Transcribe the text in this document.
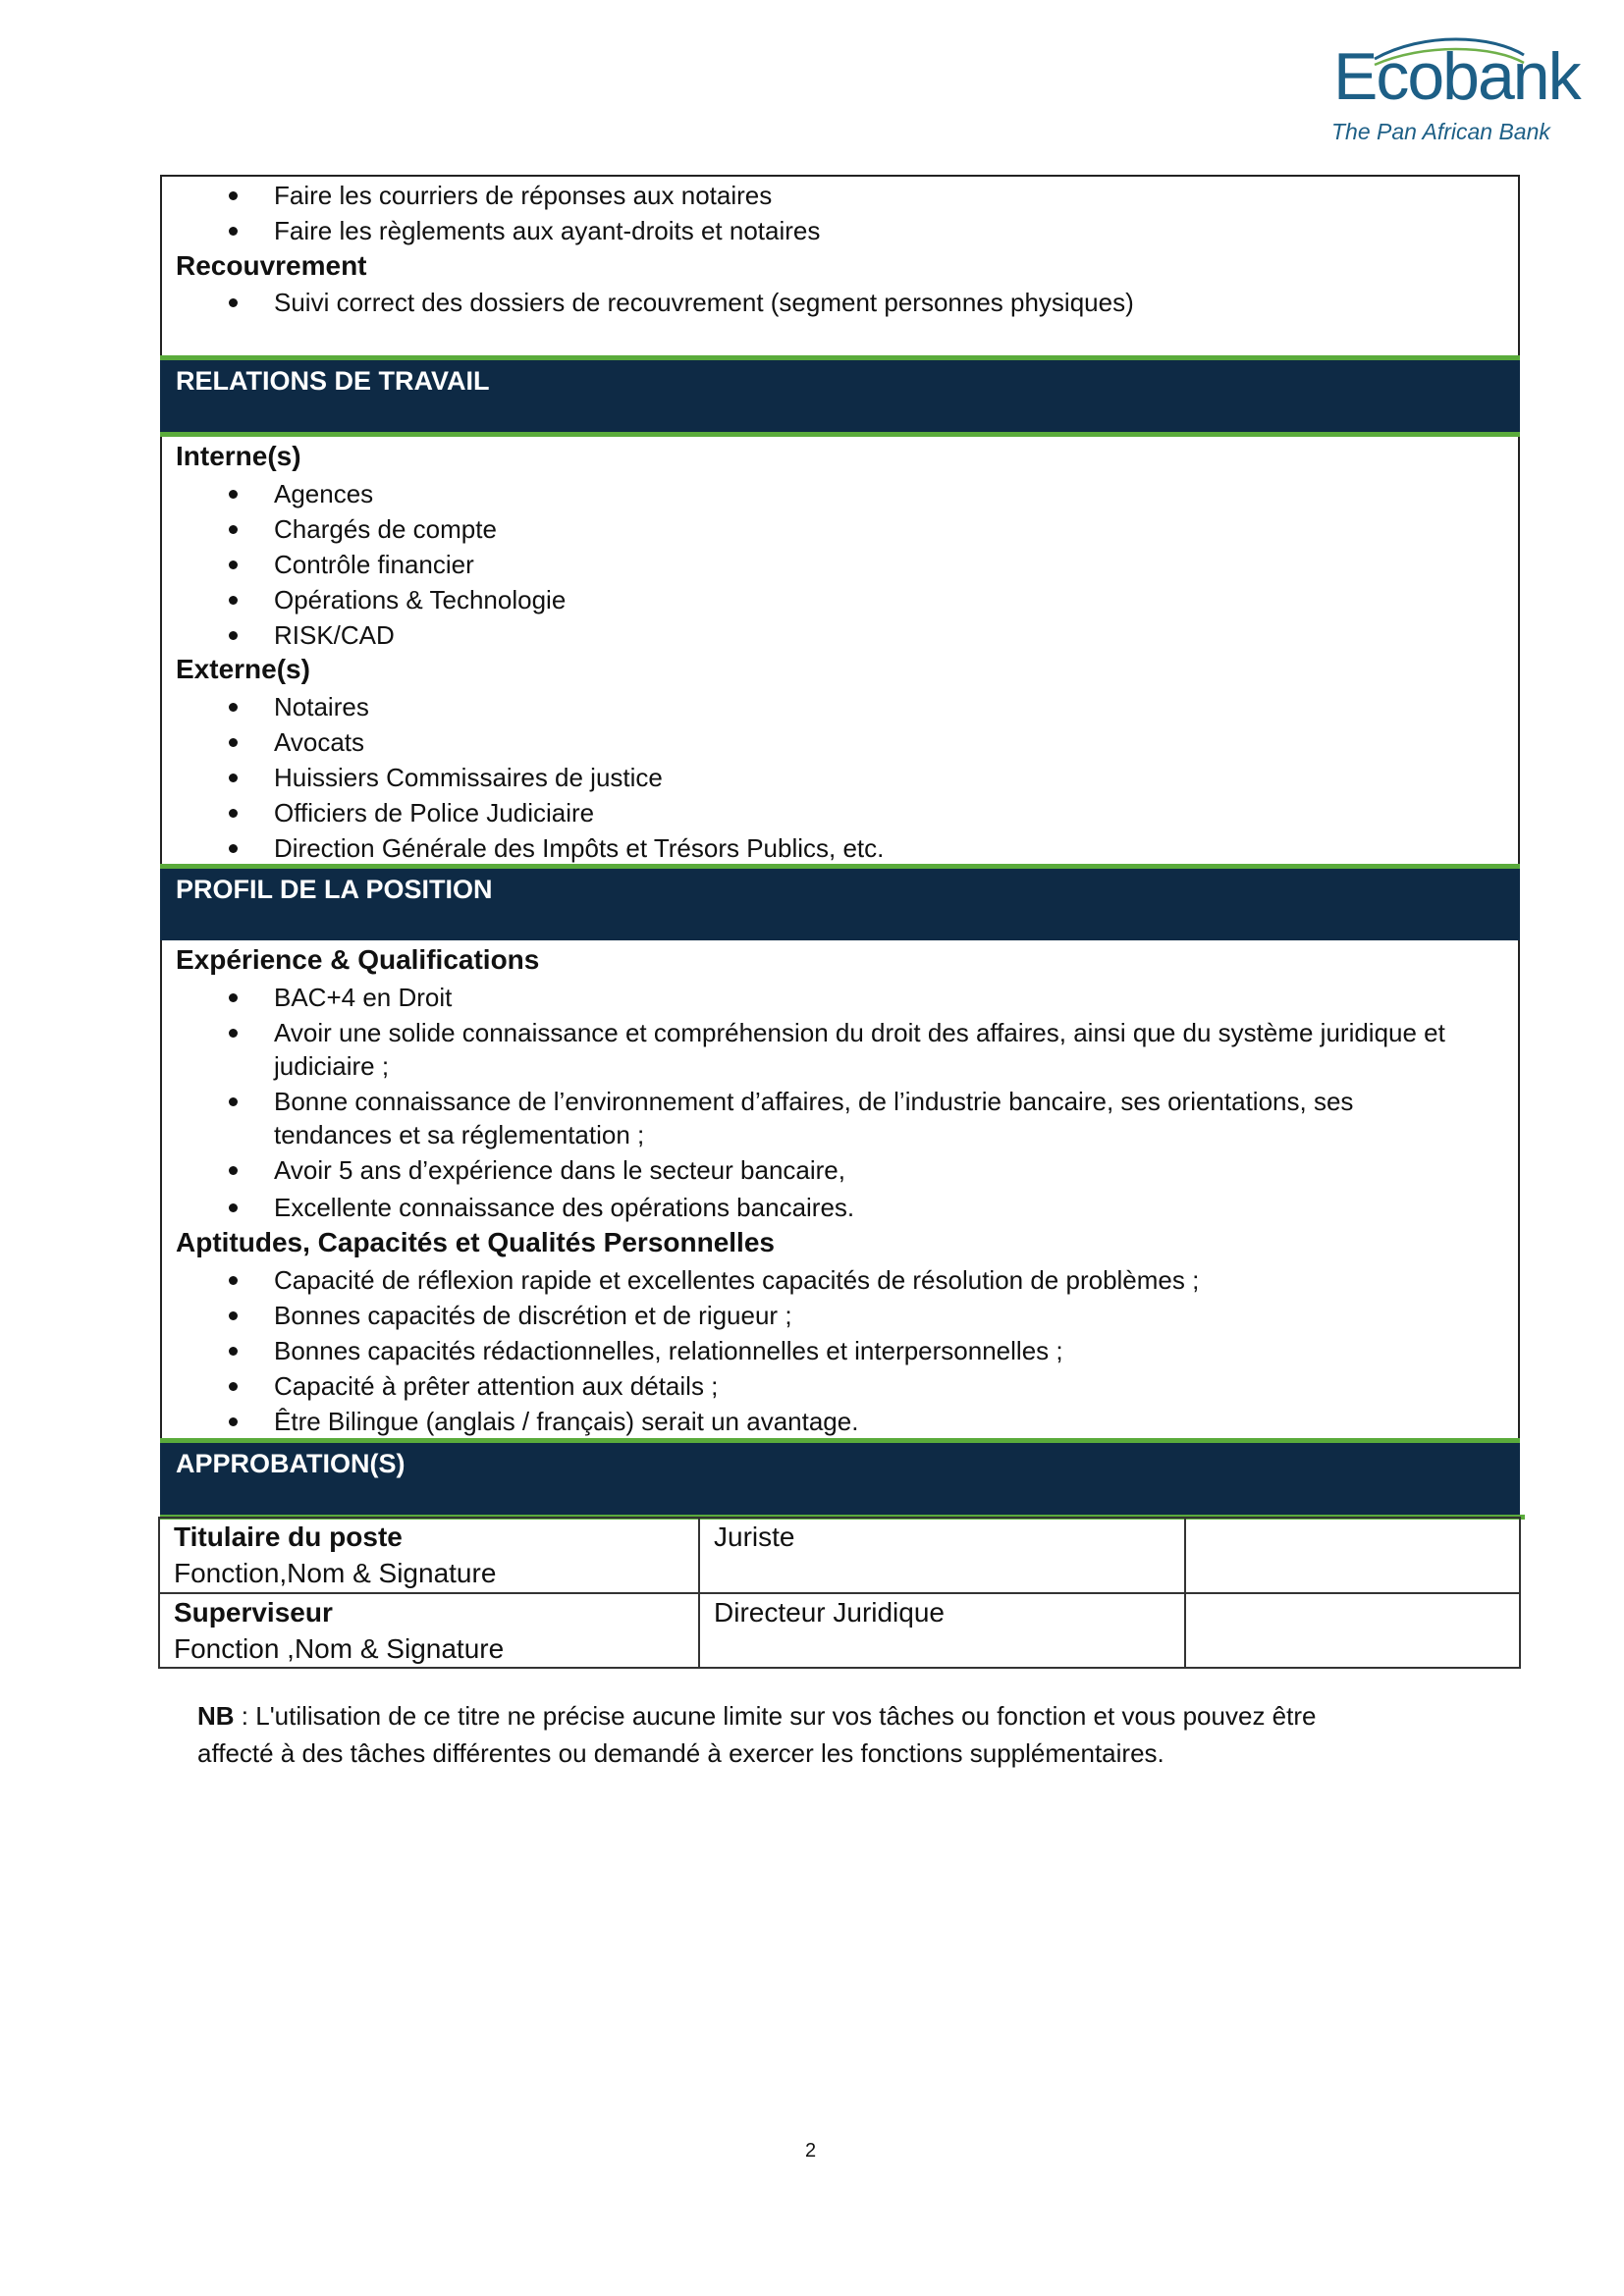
Ecobank
The Pan African Bank
Faire les courriers de réponses aux notaires
Faire les règlements aux ayant-droits et notaires
Recouvrement
Suivi correct des dossiers de recouvrement (segment personnes physiques)
RELATIONS DE TRAVAIL
Interne(s)
Agences
Chargés de compte
Contrôle financier
Opérations & Technologie
RISK/CAD
Externe(s)
Notaires
Avocats
Huissiers Commissaires de justice
Officiers de Police Judiciaire
Direction Générale des Impôts et Trésors Publics, etc.
PROFIL DE LA POSITION
Expérience & Qualifications
BAC+4 en Droit
Avoir une solide connaissance et compréhension du droit des affaires, ainsi que du système juridique et
judiciaire ;
Bonne connaissance de l’environnement d’affaires, de l’industrie bancaire, ses orientations, ses
tendances et sa réglementation ;
Avoir 5 ans d’expérience dans le secteur bancaire,
Excellente connaissance des opérations bancaires.
Aptitudes, Capacités et Qualités Personnelles
Capacité de réflexion rapide et excellentes capacités de résolution de problèmes ;
Bonnes capacités de discrétion et de rigueur ;
Bonnes capacités rédactionnelles, relationnelles et interpersonnelles ;
Capacité à prêter attention aux détails ;
Être Bilingue (anglais / français) serait un avantage.
APPROBATION(S)
Titulaire du poste
Fonction,Nom & Signature	Juriste	

Superviseur
Fonction ,Nom & Signature	Directeur Juridique	

NB : L'utilisation de ce titre ne précise aucune limite sur vos tâches ou fonction et vous pouvez être affecté à des tâches différentes ou demandé à exercer les fonctions supplémentaires.
2
